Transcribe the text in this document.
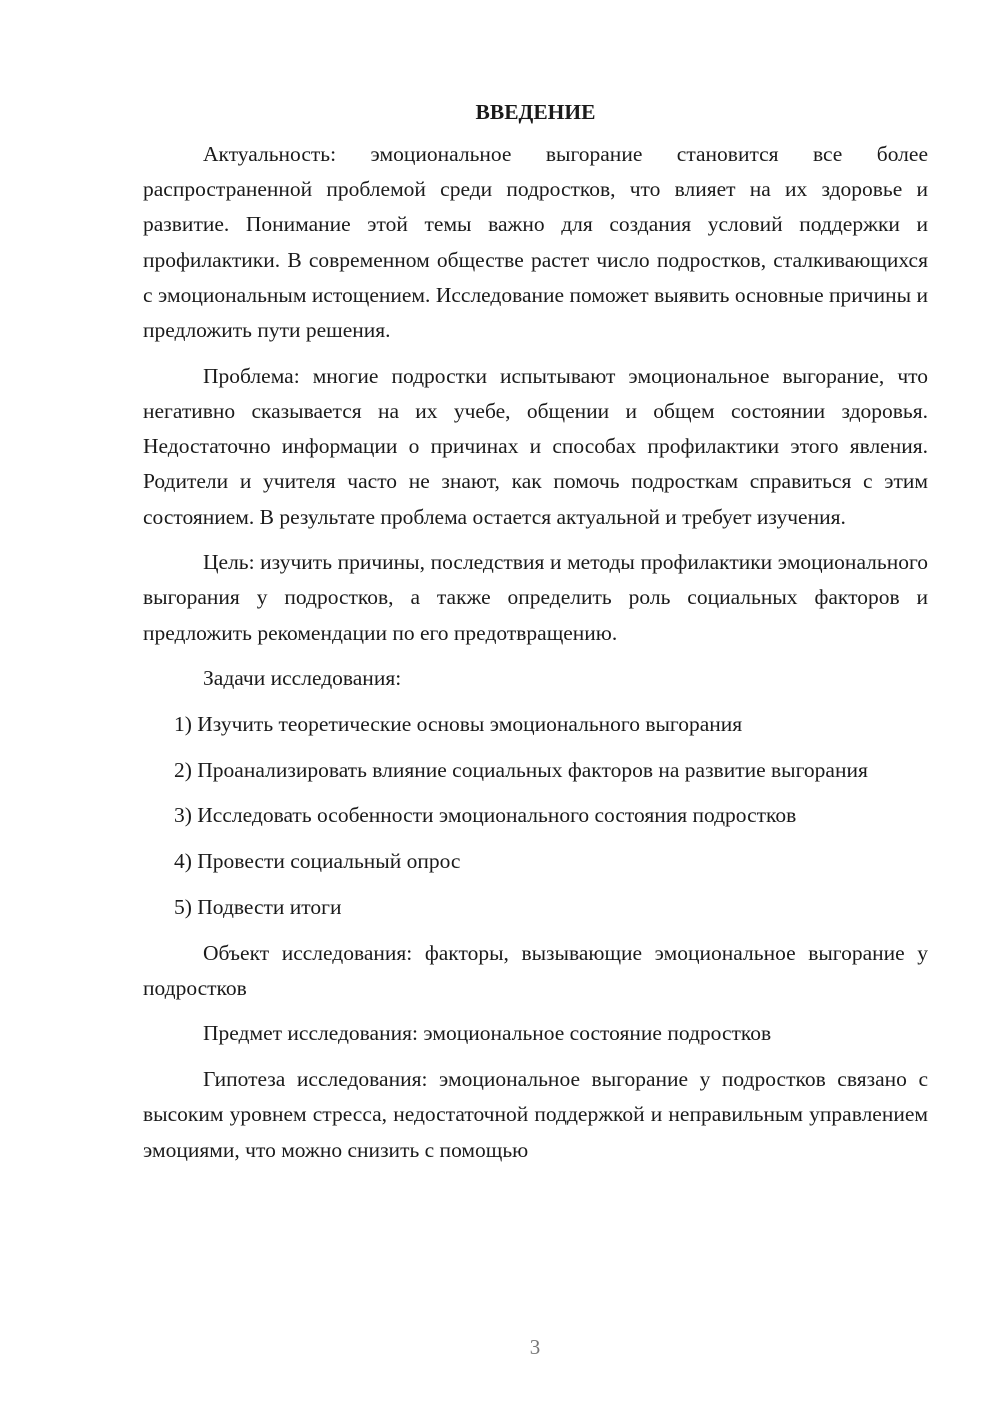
ВВЕДЕНИЕ

Актуальность: эмоциональное выгорание становится все более распространенной проблемой среди подростков, что влияет на их здоровье и развитие. Понимание этой темы важно для создания условий поддержки и профилактики. В современном обществе растет число подростков, сталкивающихся с эмоциональным истощением. Исследование поможет выявить основные причины и предложить пути решения.

Проблема: многие подростки испытывают эмоциональное выгорание, что негативно сказывается на их учебе, общении и общем состоянии здоровья. Недостаточно информации о причинах и способах профилактики этого явления. Родители и учителя часто не знают, как помочь подросткам справиться с этим состоянием. В результате проблема остается актуальной и требует изучения.

Цель: изучить причины, последствия и методы профилактики эмоционального выгорания у подростков, а также определить роль социальных факторов и предложить рекомендации по его предотвращению.

Задачи исследования:

1) Изучить теоретические основы эмоционального выгорания

2) Проанализировать влияние социальных факторов на развитие выгорания

3) Исследовать особенности эмоционального состояния подростков

4) Провести социальный опрос

5) Подвести итоги

Объект исследования: факторы, вызывающие эмоциональное выгорание у подростков

Предмет исследования: эмоциональное состояние подростков

Гипотеза исследования: эмоциональное выгорание у подростков связано с высоким уровнем стресса, недостаточной поддержкой и неправильным управлением эмоциями, что можно снизить с помощью

3
